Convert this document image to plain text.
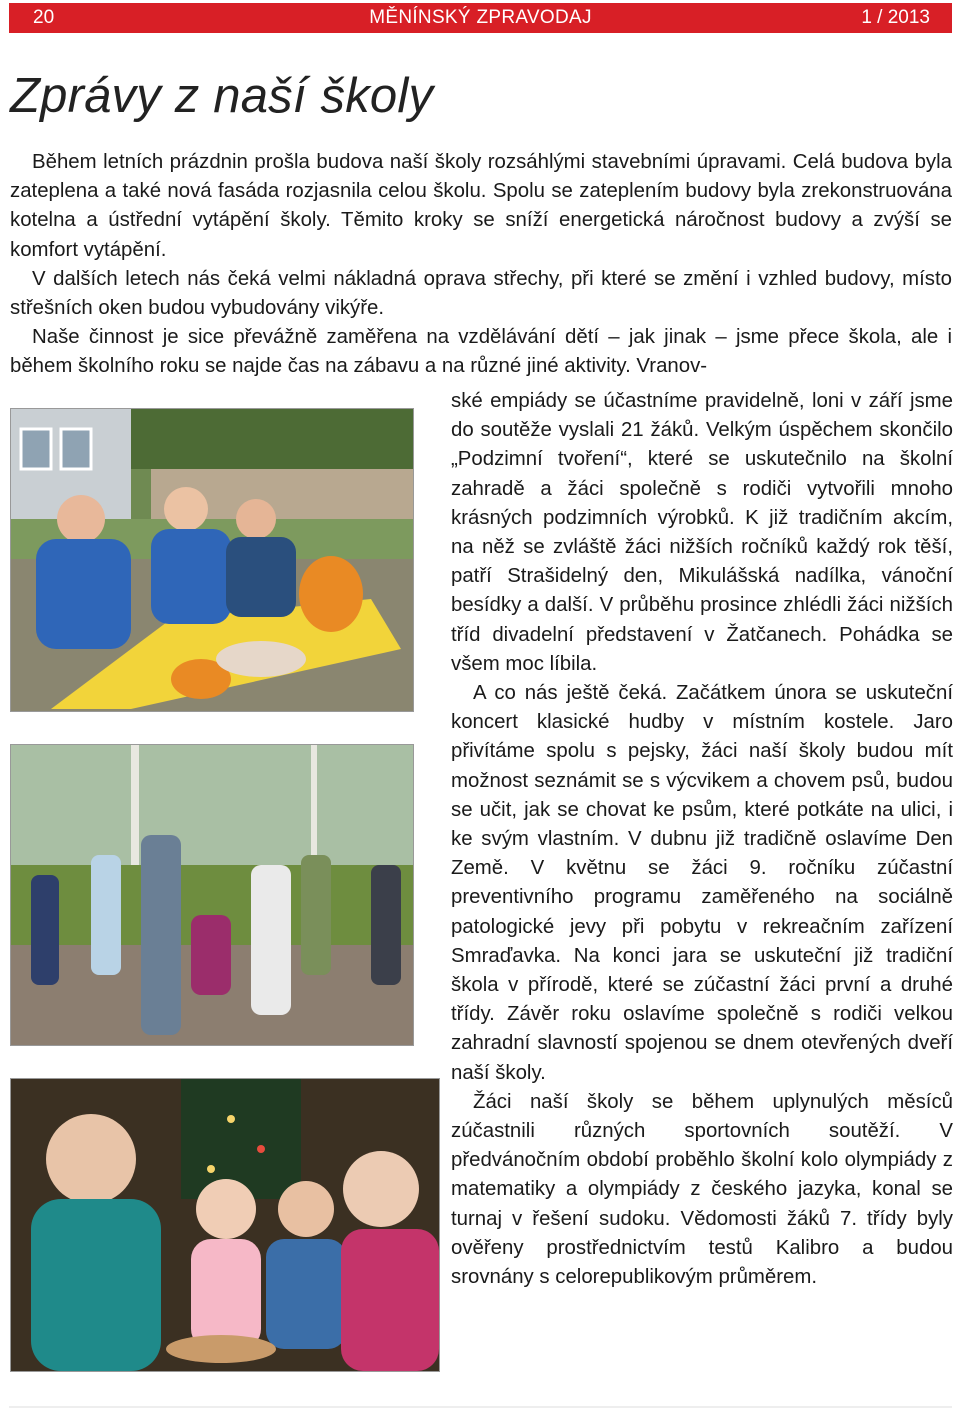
20	MĚNÍNSKÝ ZPRAVODAJ	1 / 2013
Zprávy z naší školy

Během letních prázdnin prošla budova naší školy rozsáhlými stavebními úpravami. Celá budova byla zateplena a také nová fasáda rozjasnila celou školu. Spolu se zateplením budovy byla zrekonstruována kotelna a ústřední vytápění školy. Těmito kroky se sníží energetická náročnost budovy a zvýší se komfort vytápění.

V dalších letech nás čeká velmi nákladná oprava střechy, při které se změní i vzhled budovy, místo střešních oken budou vybudovány vikýře.

Naše činnost je sice převážně zaměřena na vzdělávání dětí – jak jinak – jsme přece škola, ale i během školního roku se najde čas na zábavu a na různé jiné aktivity. Vranov-

ské empiády se účastníme pravidelně, loni v září jsme do soutěže vyslali 21 žáků. Velkým úspěchem skončilo „Podzimní tvoření“, které se uskutečnilo na školní zahradě a žáci společně s rodiči vytvořili mnoho krásných podzimních výrobků. K již tradičním akcím, na něž se zvláště žáci nižších ročníků každý rok těší, patří Strašidelný den, Mikulášská nadílka, vánoční besídky a další. V průběhu prosince zhlédli žáci nižších tříd divadelní představení v Žatčanech. Pohádka se všem moc líbila.

A co nás ještě čeká. Začátkem února se uskuteční koncert klasické hudby v místním kostele. Jaro přivítáme spolu s pejsky, žáci naší školy budou mít možnost seznámit se s výcvikem a chovem psů, budou se učit, jak se chovat ke psům, které potkáte na ulici, i ke svým vlastním. V dubnu již tradičně oslavíme Den Země. V květnu se žáci 9. ročníku zúčastní preventivního programu zaměřeného na sociálně patologické jevy při pobytu v rekreačním zařízení Smraďavka. Na konci jara se uskuteční již tradiční škola v přírodě, které se zúčastní žáci první a druhé třídy. Závěr roku oslavíme společně s rodiči velkou zahradní slavností spojenou se dnem otevřených dveří naší školy.

Žáci naší školy se během uplynulých měsíců zúčastnili různých sportovních soutěží. V předvánočním období proběhlo školní kolo olympiády z matematiky a olympiády z českého jazyka, konal se turnaj v řešení sudoku. Vědomosti žáků 7. třídy byly ověřeny prostřednictvím testů Kalibro a budou srovnány s celorepublikovým průměrem.
